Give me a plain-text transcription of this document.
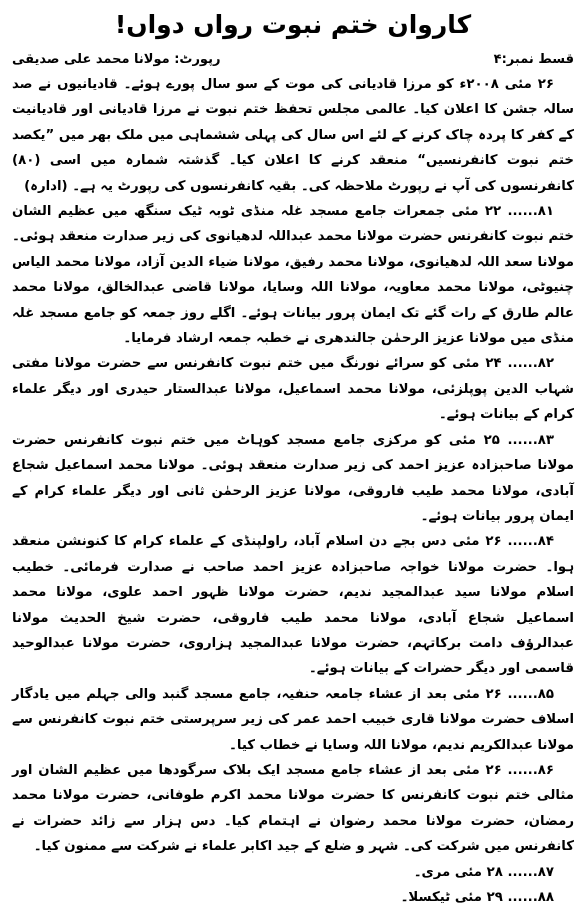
کاروان ختم نبوت رواں دواں!
قسط نمبر:۴
رپورٹ: مولانا محمد علی صدیقی

۲۶ مئی ۲۰۰۸ء کو مرزا قادیانی کی موت کے سو سال پورے ہوئے۔ قادیانیوں نے صد سالہ جشن کا اعلان کیا۔ عالمی مجلس تحفظ ختم نبوت نے مرزا قادیانی اور قادیانیت کے کفر کا پردہ چاک کرنے کے لئے اس سال کی پہلی ششماہی میں ملک بھر میں ”یکصد ختم نبوت کانفرنسیں“ منعقد کرنے کا اعلان کیا۔ گذشتہ شمارہ میں اسی (۸۰) کانفرنسوں کی آپ نے رپورٹ ملاحظہ کی۔ بقیہ کانفرنسوں کی رپورٹ یہ ہے۔ (ادارہ)

۸۱...... ۲۲ مئی جمعرات جامع مسجد غلہ منڈی ٹوبہ ٹیک سنگھ میں عظیم الشان ختم نبوت کانفرنس حضرت مولانا محمد عبداللہ لدھیانوی کی زیر صدارت منعقد ہوئی۔ مولانا سعد اللہ لدھیانوی، مولانا محمد رفیق، مولانا ضیاء الدین آزاد، مولانا محمد الیاس چنیوٹی، مولانا محمد معاویہ، مولانا اللہ وسایا، مولانا قاضی عبدالخالق، مولانا محمد عالم طارق کے رات گئے تک ایمان پرور بیانات ہوئے۔ اگلے روز جمعہ کو جامع مسجد غلہ منڈی میں مولانا عزیز الرحمٰن جالندھری نے خطبہ جمعہ ارشاد فرمایا۔

۸۲...... ۲۴ مئی کو سرائے نورنگ میں ختم نبوت کانفرنس سے حضرت مولانا مفتی شہاب الدین پوپلزئی، مولانا محمد اسماعیل، مولانا عبدالستار حیدری اور دیگر علماء کرام کے بیانات ہوئے۔

۸۳...... ۲۵ مئی کو مرکزی جامع مسجد کوہاٹ میں ختم نبوت کانفرنس حضرت مولانا صاحبزادہ عزیز احمد کی زیر صدارت منعقد ہوئی۔ مولانا محمد اسماعیل شجاع آبادی، مولانا محمد طیب فاروقی، مولانا عزیز الرحمٰن ثانی اور دیگر علماء کرام کے ایمان پرور بیانات ہوئے۔

۸۴...... ۲۶ مئی دس بجے دن اسلام آباد، راولپنڈی کے علماء کرام کا کنونشن منعقد ہوا۔ حضرت مولانا خواجہ صاحبزادہ عزیز احمد صاحب نے صدارت فرمائی۔ خطیب اسلام مولانا سید عبدالمجید ندیم، حضرت مولانا ظہور احمد علوی، مولانا محمد اسماعیل شجاع آبادی، مولانا محمد طیب فاروقی، حضرت شیخ الحدیث مولانا عبدالرؤف دامت برکاتہم، حضرت مولانا عبدالمجید ہزاروی، حضرت مولانا عبدالوحید قاسمی اور دیگر حضرات کے بیانات ہوئے۔

۸۵...... ۲۶ مئی بعد از عشاء جامعہ حنفیہ، جامع مسجد گنبد والی جہلم میں یادگار اسلاف حضرت مولانا قاری خبیب احمد عمر کی زیر سرپرستی ختم نبوت کانفرنس سے مولانا عبدالکریم ندیم، مولانا اللہ وسایا نے خطاب کیا۔

۸۶...... ۲۶ مئی بعد از عشاء جامع مسجد ایک بلاک سرگودھا میں عظیم الشان اور مثالی ختم نبوت کانفرنس کا حضرت مولانا محمد اکرم طوفانی، حضرت مولانا محمد رمضان، حضرت مولانا محمد رضوان نے اہتمام کیا۔ دس ہزار سے زائد حضرات نے کانفرنس میں شرکت کی۔ شہر و ضلع کے جید اکابر علماء نے شرکت سے ممنون کیا۔

۸۷...... ۲۸ مئی مری۔

۸۸...... ۲۹ مئی ٹیکسلا۔
